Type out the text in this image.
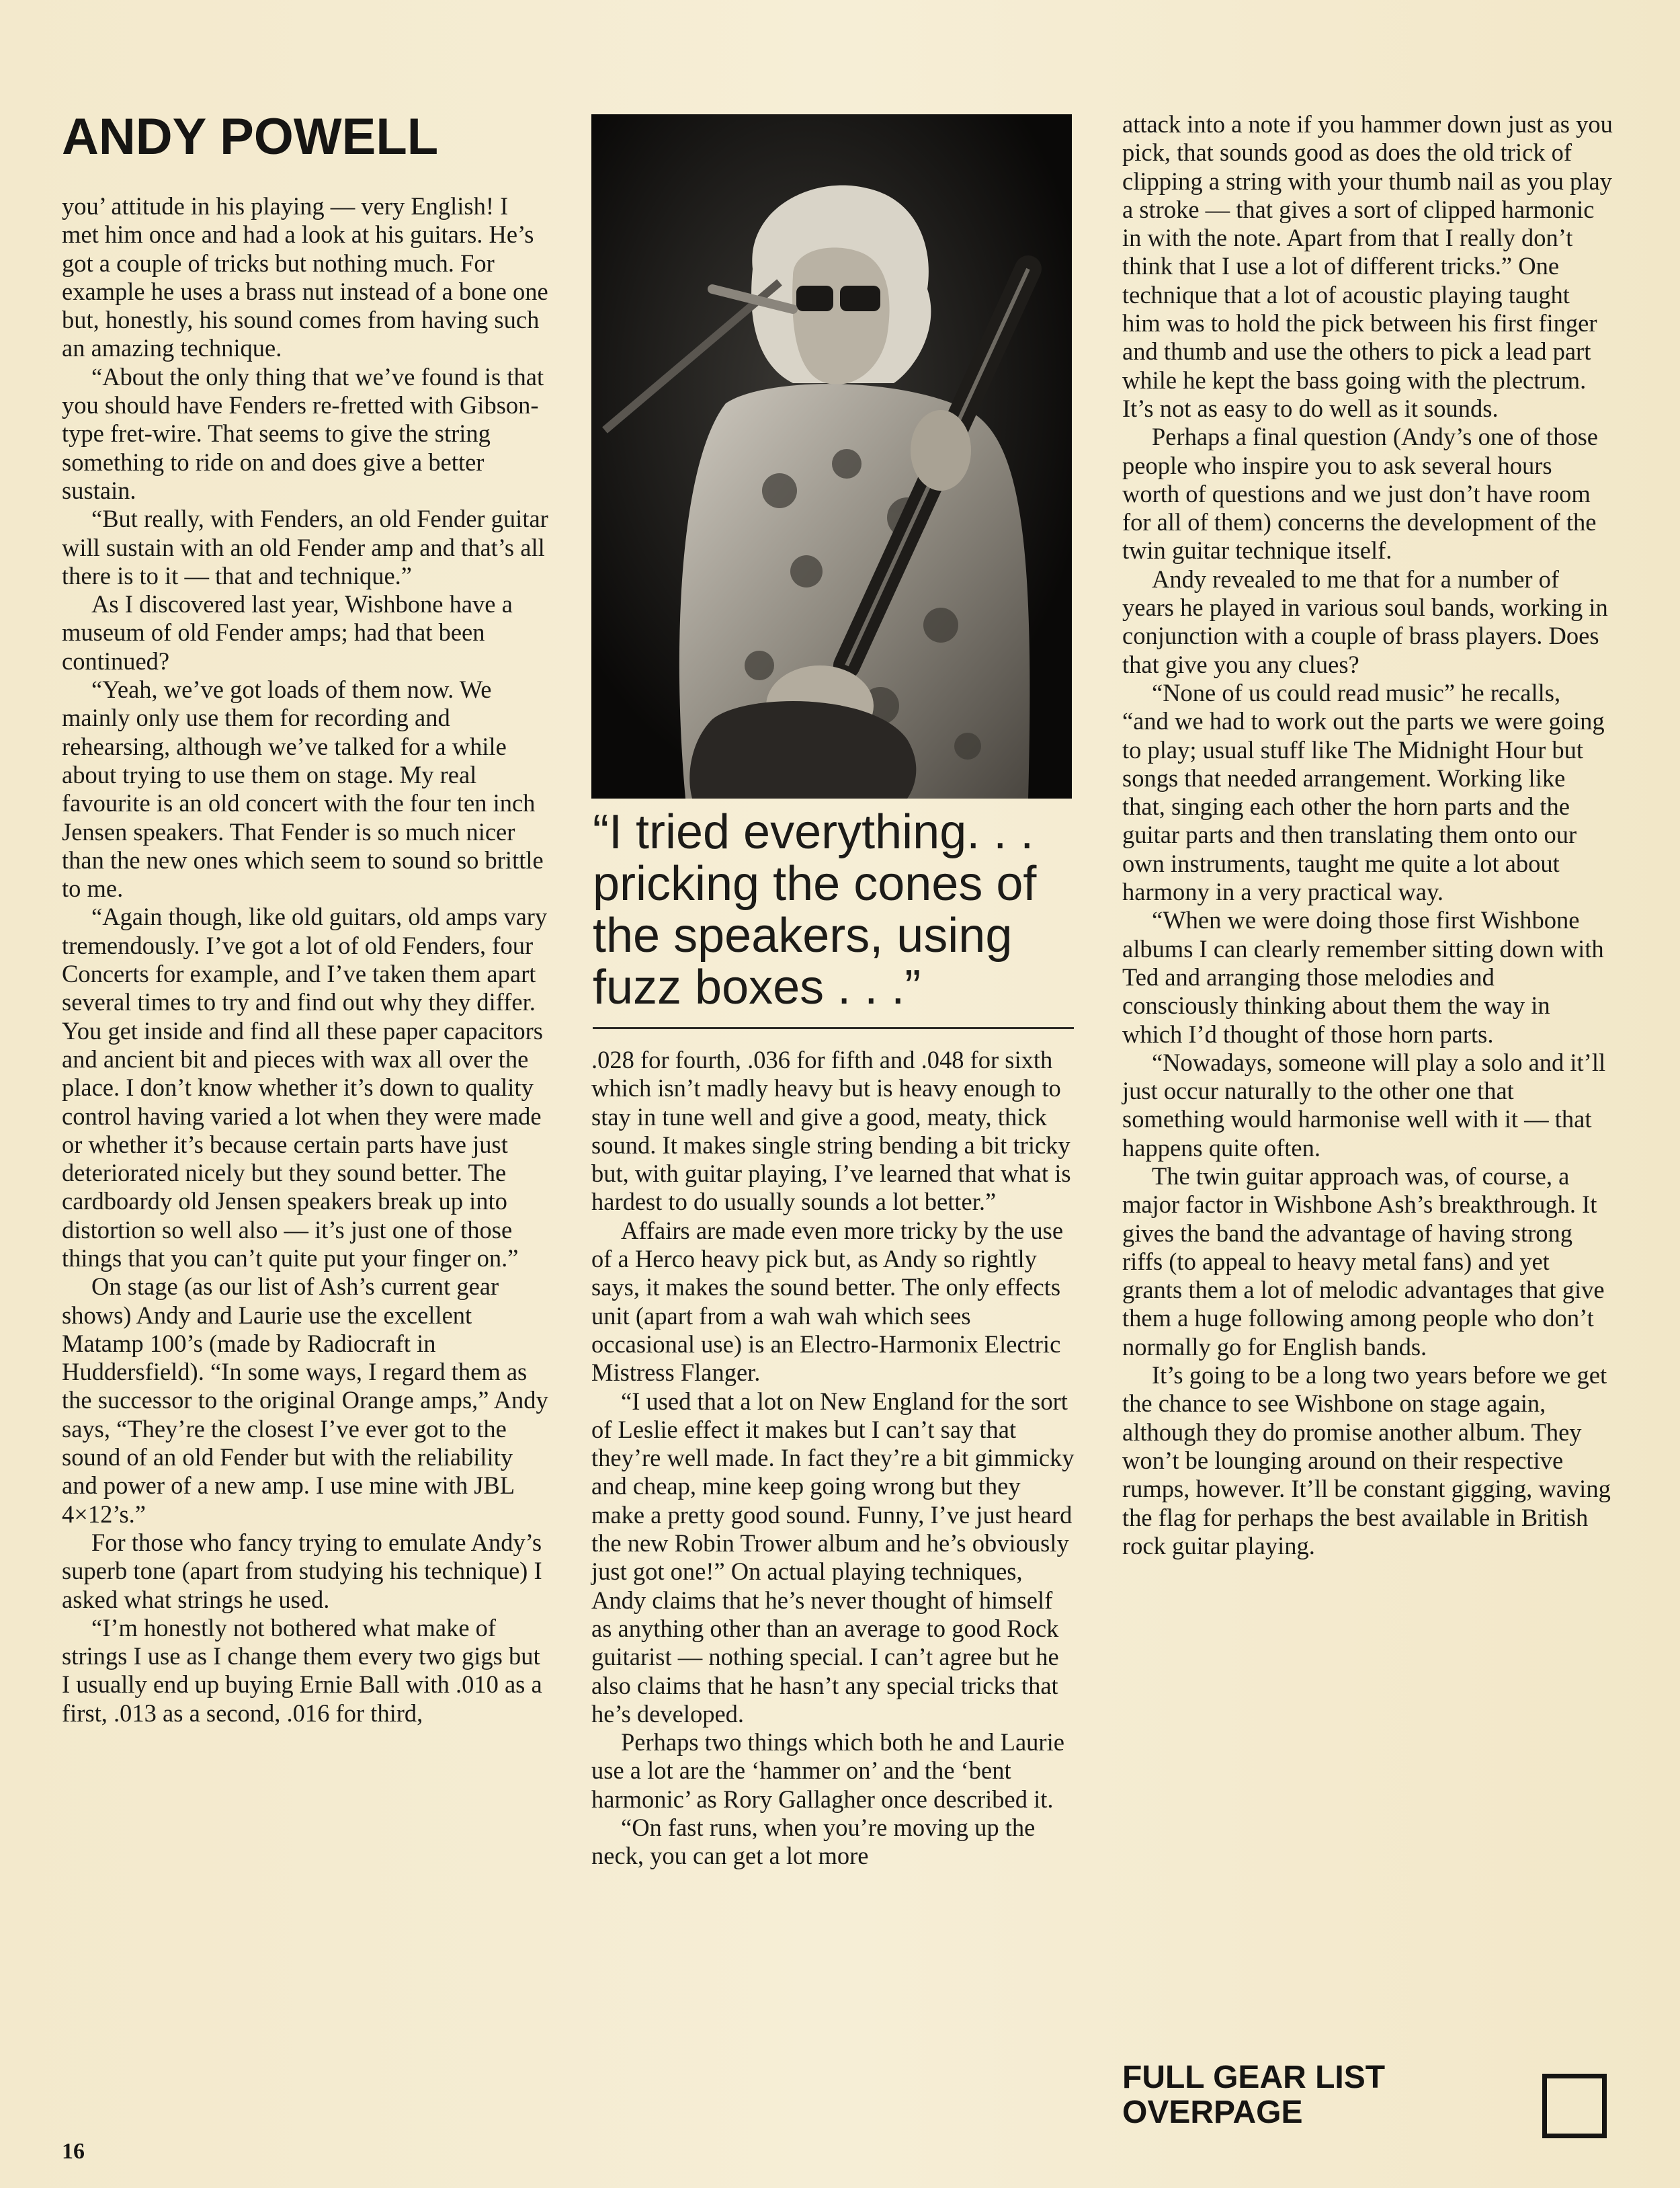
ANDY POWELL

you’ attitude in his playing — very English! I met him once and had a look at his guitars. He’s got a couple of tricks but nothing much. For example he uses a brass nut instead of a bone one but, honestly, his sound comes from having such an amazing technique.

“About the only thing that we’ve found is that you should have Fenders re-fretted with Gibson-type fret-wire. That seems to give the string something to ride on and does give a better sustain.

“But really, with Fenders, an old Fender guitar will sustain with an old Fender amp and that’s all there is to it — that and technique.”

As I discovered last year, Wishbone have a museum of old Fender amps; had that been continued?

“Yeah, we’ve got loads of them now. We mainly only use them for recording and rehearsing, although we’ve talked for a while about trying to use them on stage. My real favourite is an old concert with the four ten inch Jensen speakers. That Fender is so much nicer than the new ones which seem to sound so brittle to me.

“Again though, like old guitars, old amps vary tremendously. I’ve got a lot of old Fenders, four Concerts for example, and I’ve taken them apart several times to try and find out why they differ. You get inside and find all these paper capacitors and ancient bit and pieces with wax all over the place. I don’t know whether it’s down to quality control having varied a lot when they were made or whether it’s because certain parts have just deteriorated nicely but they sound better. The cardboardy old Jensen speakers break up into distortion so well also — it’s just one of those things that you can’t quite put your finger on.”

On stage (as our list of Ash’s current gear shows) Andy and Laurie use the excellent Matamp 100’s (made by Radiocraft in Huddersfield). “In some ways, I regard them as the successor to the original Orange amps,” Andy says, “They’re the closest I’ve ever got to the sound of an old Fender but with the reliability and power of a new amp. I use mine with JBL 4×12’s.”

For those who fancy trying to emulate Andy’s superb tone (apart from studying his technique) I asked what strings he used.

“I’m honestly not bothered what make of strings I use as I change them every two gigs but I usually end up buying Ernie Ball with .010 as a first, .013 as a second, .016 for third,

“I tried everything. . . pricking the cones of the speakers, using fuzz boxes . . .”

.028 for fourth, .036 for fifth and .048 for sixth which isn’t madly heavy but is heavy enough to stay in tune well and give a good, meaty, thick sound. It makes single string bending a bit tricky but, with guitar playing, I’ve learned that what is hardest to do usually sounds a lot better.”

Affairs are made even more tricky by the use of a Herco heavy pick but, as Andy so rightly says, it makes the sound better. The only effects unit (apart from a wah wah which sees occasional use) is an Electro-Harmonix Electric Mistress Flanger.

“I used that a lot on New England for the sort of Leslie effect it makes but I can’t say that they’re well made. In fact they’re a bit gimmicky and cheap, mine keep going wrong but they make a pretty good sound. Funny, I’ve just heard the new Robin Trower album and he’s obviously just got one!” On actual playing techniques, Andy claims that he’s never thought of himself as anything other than an average to good Rock guitarist — nothing special. I can’t agree but he also claims that he hasn’t any special tricks that he’s developed.

Perhaps two things which both he and Laurie use a lot are the ‘hammer on’ and the ‘bent harmonic’ as Rory Gallagher once described it.

“On fast runs, when you’re moving up the neck, you can get a lot more

attack into a note if you hammer down just as you pick, that sounds good as does the old trick of clipping a string with your thumb nail as you play a stroke — that gives a sort of clipped harmonic in with the note. Apart from that I really don’t think that I use a lot of different tricks.” One technique that a lot of acoustic playing taught him was to hold the pick between his first finger and thumb and use the others to pick a lead part while he kept the bass going with the plectrum. It’s not as easy to do well as it sounds.

Perhaps a final question (Andy’s one of those people who inspire you to ask several hours worth of questions and we just don’t have room for all of them) concerns the development of the twin guitar technique itself.

Andy revealed to me that for a number of years he played in various soul bands, working in conjunction with a couple of brass players. Does that give you any clues?

“None of us could read music” he recalls, “and we had to work out the parts we were going to play; usual stuff like The Midnight Hour but songs that needed arrangement. Working like that, singing each other the horn parts and the guitar parts and then translating them onto our own instruments, taught me quite a lot about harmony in a very practical way.

“When we were doing those first Wishbone albums I can clearly remember sitting down with Ted and arranging those melodies and consciously thinking about them the way in which I’d thought of those horn parts.

“Nowadays, someone will play a solo and it’ll just occur naturally to the other one that something would harmonise well with it — that happens quite often.

The twin guitar approach was, of course, a major factor in Wishbone Ash’s breakthrough. It gives the band the advantage of having strong riffs (to appeal to heavy metal fans) and yet grants them a lot of melodic advantages that give them a huge following among people who don’t normally go for English bands.

It’s going to be a long two years before we get the chance to see Wishbone on stage again, although they do promise another album. They won’t be lounging around on their respective rumps, however. It’ll be constant gigging, waving the flag for perhaps the best available in British rock guitar playing.

FULL GEAR LIST
OVERPAGE

16
